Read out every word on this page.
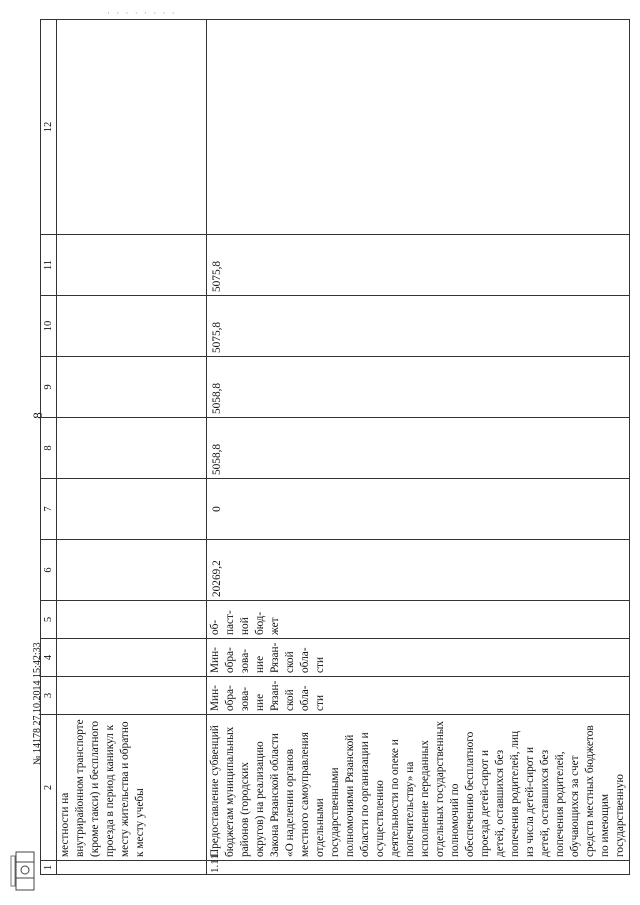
· · · · · · · ·
8
1	2	3	4	5	6	7	8	9	10	11	12
	местности на внутрирайонном транспорте (кроме такси) и бесплатного проезда в период каникул к месту жительства и обратно к месту учебы										
1.11.	Предоставление субвенций бюджетам муниципальных районов (городских округов) на реализацию Закона Рязанской области «О наделении органов местного самоуправления отдельными государственными полномочиями Рязанской области по организации и осуществлению деятельности по опеке и попечительству» на исполнение переданных отдельных государственных полномочий по обеспечению бесплатного проезда детей-сирот и детей, оставшихся без попечения родителей, лиц из числа детей-сирот и детей, оставшихся без попечения родителей, обучающихся за счет средств местных бюджетов по имеющим государственную	Мин-обра-зова-ние Рязан-ской обла-сти	Мин-обра-зова-ние Рязан-ской обла-сти	об-паст-ной бюд-жет	20269,2	0	5058,8	5058,8	5075,8	5075,8	
№ 14178 27.10.2014 15:42:33
